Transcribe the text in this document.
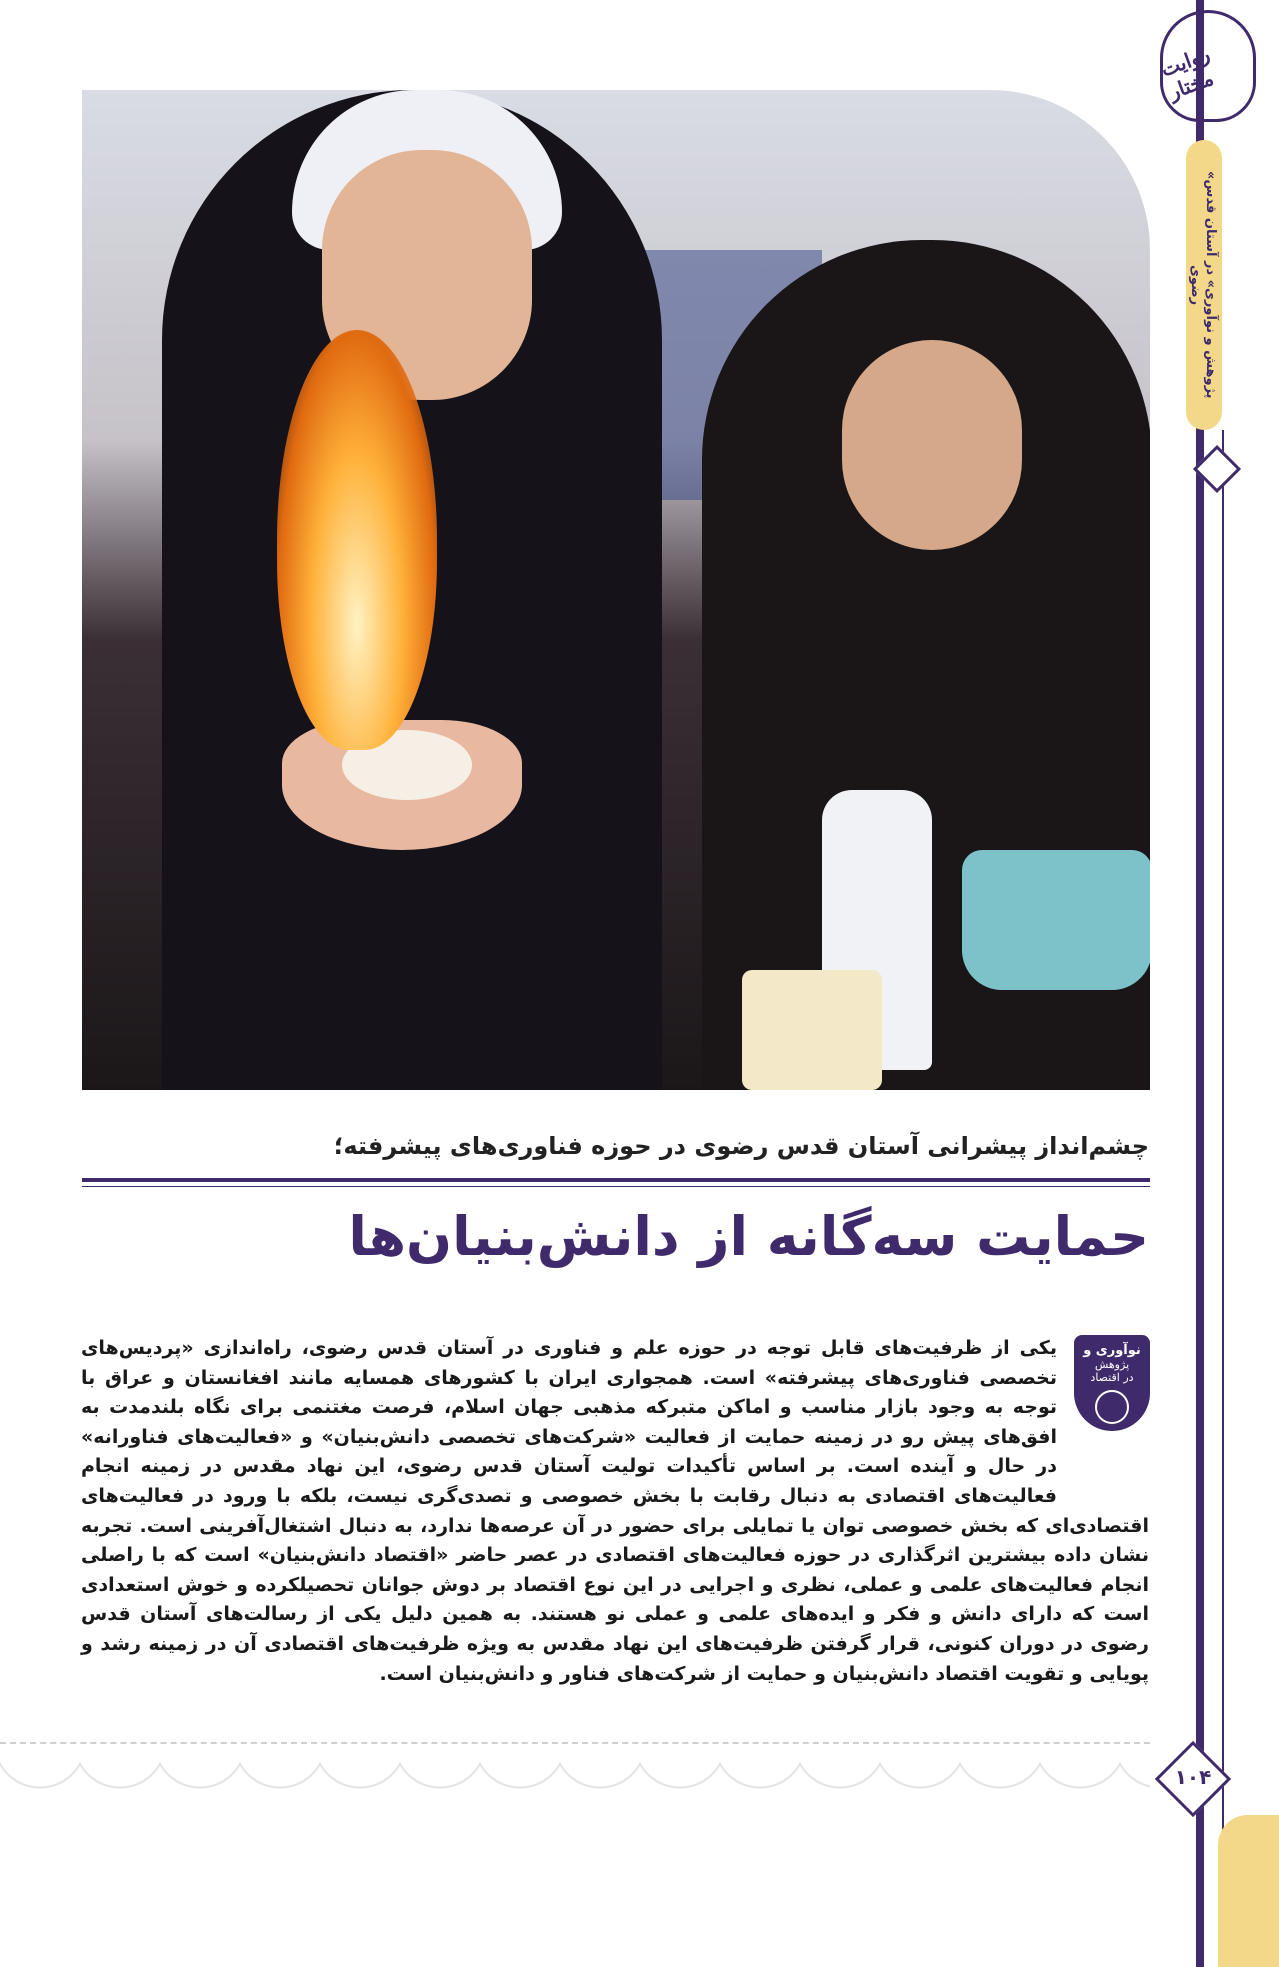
روایت مختار
«پژوهش و نوآوری» در آستان قدس رضوی
چشم‌انداز پیشرانی آستان قدس رضوی در حوزه فناوری‌های پیشرفته؛
حمایت سه‌گانه از دانش‌بنیان‌ها
نوآوری و
پژوهش
در اقتصاد
یکی از ظرفیت‌های قابل توجه در حوزه علم و فناوری در آستان قدس رضوی، راه‌اندازی «پردیس‌های تخصصی فناوری‌های پیشرفته» است. همجواری ایران با کشورهای همسایه مانند افغانستان و عراق با توجه به وجود بازار مناسب و اماکن متبرکه مذهبی جهان اسلام، فرصت مغتنمی برای نگاه بلندمدت به افق‌های پیش رو در زمینه حمایت از فعالیت «شرکت‌های تخصصی دانش‌بنیان» و «فعالیت‌های فناورانه» در حال و آینده است. بر اساس تأکیدات تولیت آستان قدس رضوی، این نهاد مقدس در زمینه انجام فعالیت‌های اقتصادی به دنبال رقابت با بخش خصوصی و تصدی‌گری نیست، بلکه با ورود در فعالیت‌های اقتصادی‌ای که بخش خصوصی توان یا تمایلی برای حضور در آن عرصه‌ها ندارد، به دنبال اشتغال‌آفرینی است. تجربه نشان داده بیشترین اثرگذاری در حوزه فعالیت‌های اقتصادی در عصر حاضر «اقتصاد دانش‌بنیان» است که با راصلی انجام فعالیت‌های علمی و عملی، نظری و اجرایی در این نوع اقتصاد بر دوش جوانان تحصیلکرده و خوش استعدادی است که دارای دانش و فکر و ایده‌های علمی و عملی نو هستند. به همین دلیل یکی از رسالت‌های آستان قدس رضوی در دوران کنونی، قرار گرفتن ظرفیت‌های این نهاد مقدس به ویژه ظرفیت‌های اقتصادی آن در زمینه رشد و پویایی و تقویت اقتصاد دانش‌بنیان و حمایت از شرکت‌های فناور و دانش‌بنیان است.
۱۰۴
